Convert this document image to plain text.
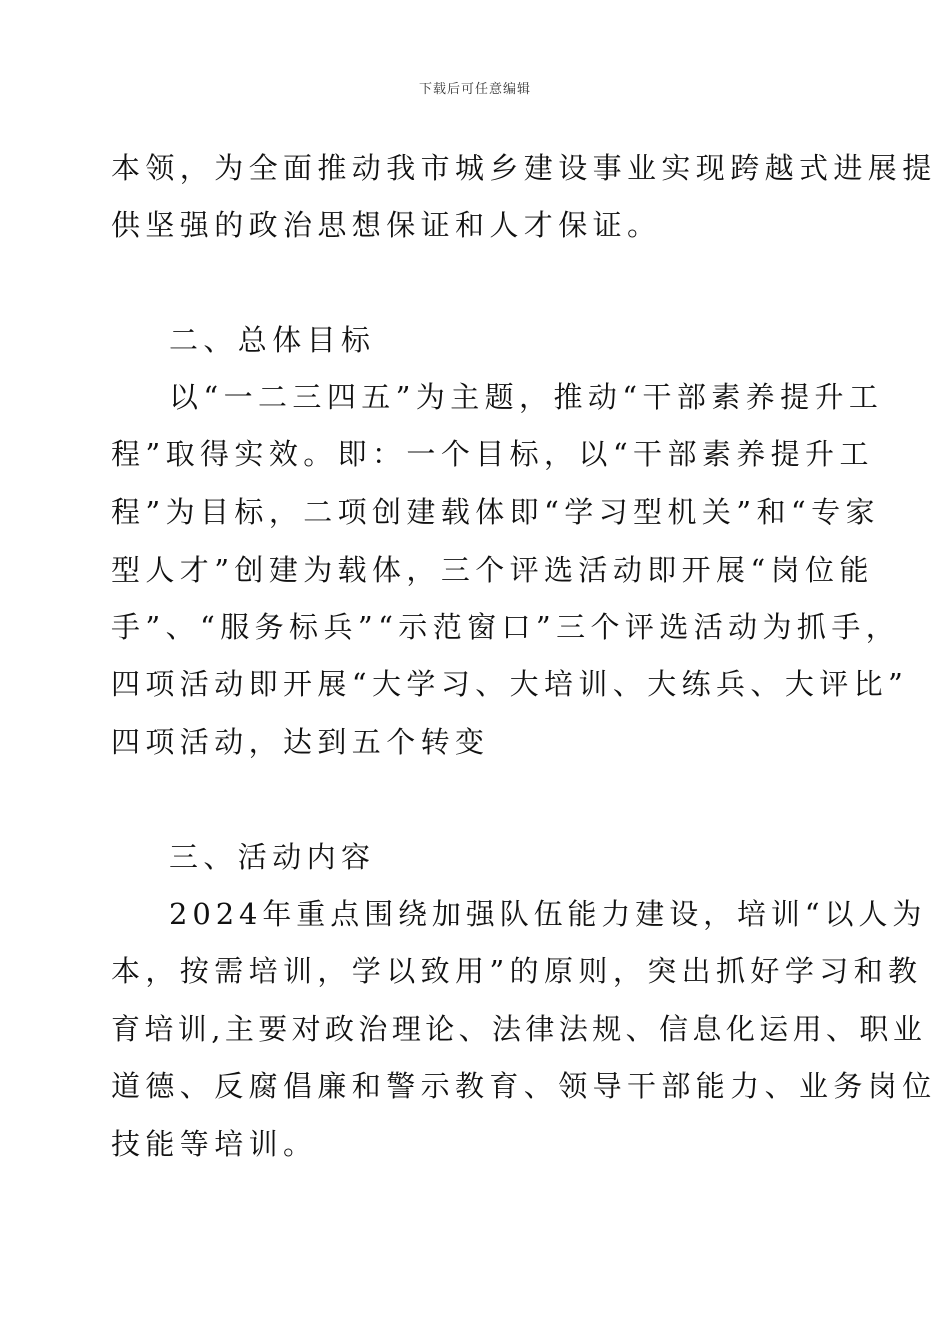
下载后可任意编辑
本领，为全面推动我市城乡建设事业实现跨越式进展提
供坚强的政治思想保证和人才保证。
二、总体目标
以“一二三四五”为主题，推动“干部素养提升工
程”取得实效。即：一个目标，以“干部素养提升工
程”为目标，二项创建载体即“学习型机关”和“专家
型人才”创建为载体，三个评选活动即开展“岗位能
手”、“服务标兵”“示范窗口”三个评选活动为抓手，
四项活动即开展“大学习、大培训、大练兵、大评比”
四项活动，达到五个转变
三、活动内容
2024年重点围绕加强队伍能力建设，培训“以人为
本，按需培训，学以致用”的原则，突出抓好学习和教
育培训,主要对政治理论、法律法规、信息化运用、职业
道德、反腐倡廉和警示教育、领导干部能力、业务岗位
技能等培训。
